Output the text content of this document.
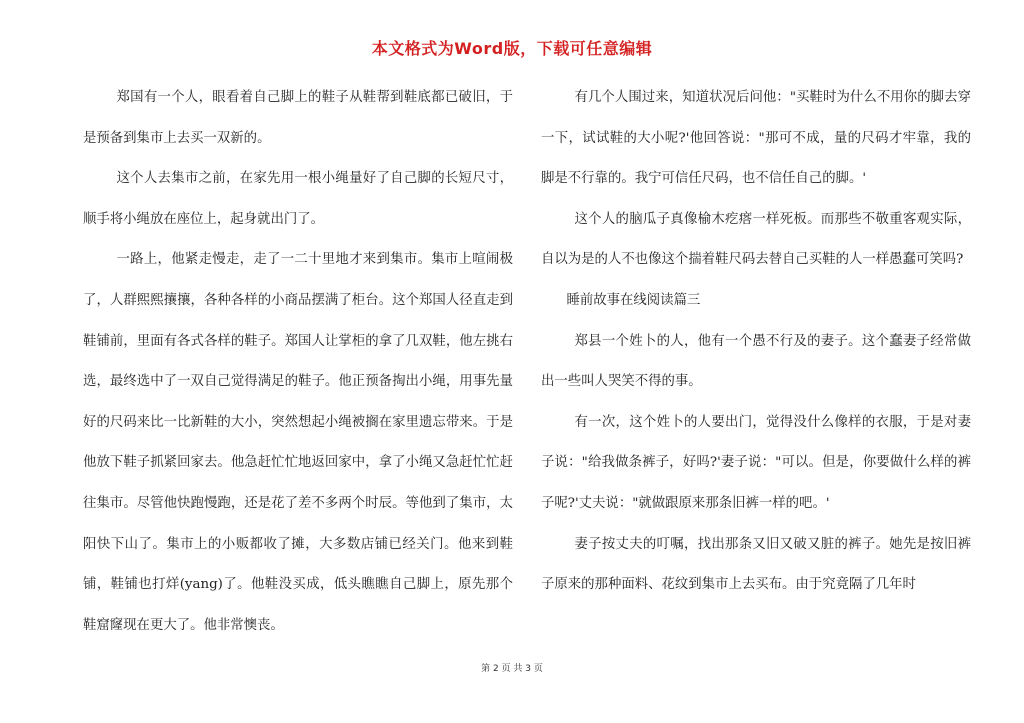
本文格式为Word版，下载可任意编辑

郑国有一个人，眼看着自己脚上的鞋子从鞋帮到鞋底都已破旧，于是预备到集市上去买一双新的。

这个人去集市之前，在家先用一根小绳量好了自己脚的长短尺寸，顺手将小绳放在座位上，起身就出门了。

一路上，他紧走慢走，走了一二十里地才来到集市。集市上喧闹极了，人群熙熙攘攘，各种各样的小商品摆满了柜台。这个郑国人径直走到鞋铺前，里面有各式各样的鞋子。郑国人让掌柜的拿了几双鞋，他左挑右选，最终选中了一双自己觉得满足的鞋子。他正预备掏出小绳，用事先量好的尺码来比一比新鞋的大小，突然想起小绳被搁在家里遗忘带来。于是他放下鞋子抓紧回家去。他急赶忙忙地返回家中，拿了小绳又急赶忙忙赶往集市。尽管他快跑慢跑，还是花了差不多两个时辰。等他到了集市，太阳快下山了。集市上的小贩都收了摊，大多数店铺已经关门。他来到鞋铺，鞋铺也打烊(yang)了。他鞋没买成，低头瞧瞧自己脚上，原先那个鞋窟窿现在更大了。他非常懊丧。

有几个人围过来，知道状况后问他："买鞋时为什么不用你的脚去穿一下，试试鞋的大小呢?'他回答说："那可不成，量的尺码才牢靠，我的脚是不行靠的。我宁可信任尺码，也不信任自己的脚。'

这个人的脑瓜子真像榆木疙瘩一样死板。而那些不敬重客观实际，自以为是的人不也像这个揣着鞋尺码去替自己买鞋的人一样愚蠢可笑吗?

睡前故事在线阅读篇三

郑县一个姓卜的人，他有一个愚不行及的妻子。这个蠢妻子经常做出一些叫人哭笑不得的事。

有一次，这个姓卜的人要出门，觉得没什么像样的衣服，于是对妻子说："给我做条裤子，好吗?'妻子说："可以。但是，你要做什么样的裤子呢?'丈夫说："就做跟原来那条旧裤一样的吧。'

妻子按丈夫的叮嘱，找出那条又旧又破又脏的裤子。她先是按旧裤子原来的那种面料、花纹到集市上去买布。由于究竟隔了几年时

第 2 页 共 3 页
